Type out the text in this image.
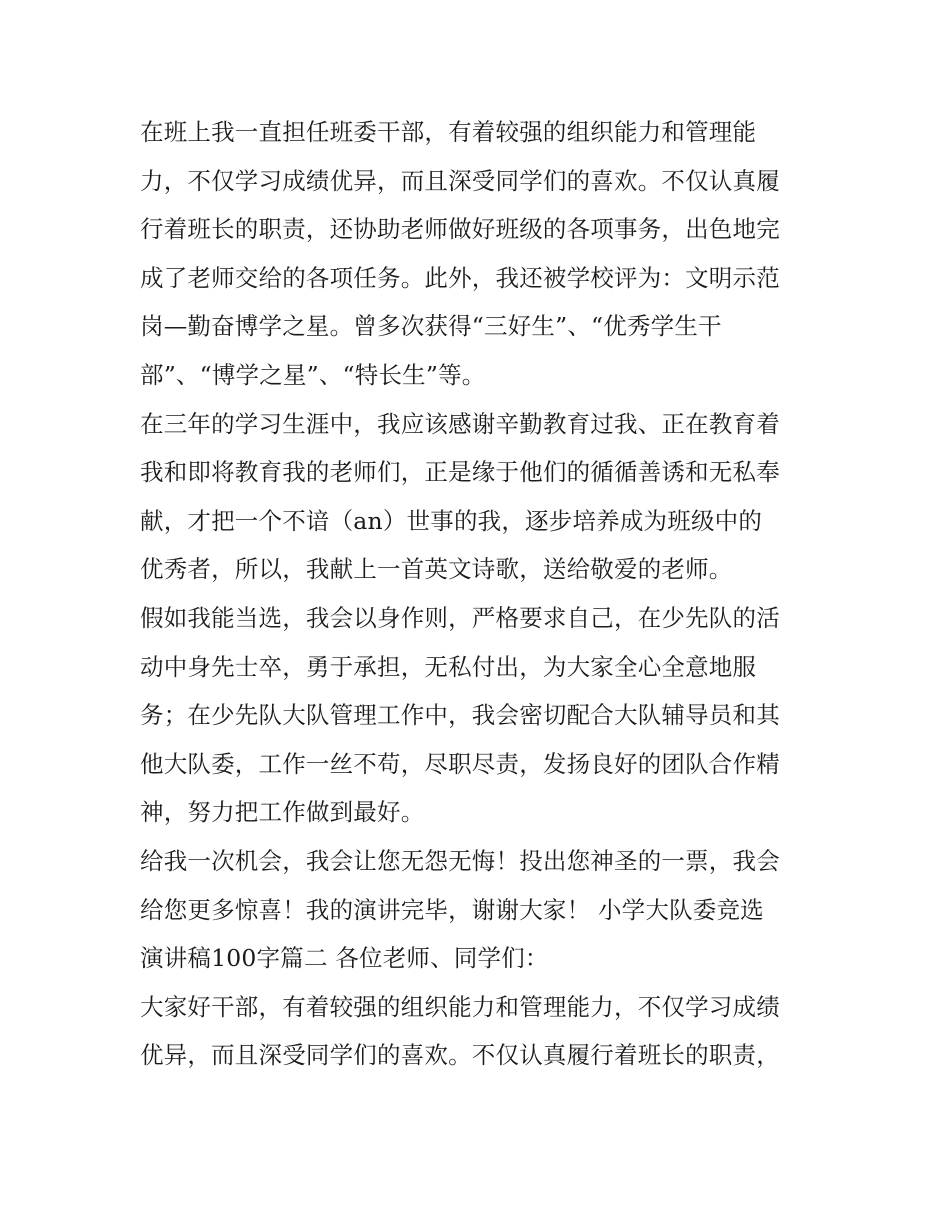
在班上我一直担任班委干部，有着较强的组织能力和管理能
力，不仅学习成绩优异，而且深受同学们的喜欢。不仅认真履
行着班长的职责，还协助老师做好班级的各项事务，出色地完
成了老师交给的各项任务。此外，我还被学校评为：文明示范
岗—勤奋博学之星。曾多次获得“三好生”、“优秀学生干
部”、“博学之星”、“特长生”等。
在三年的学习生涯中，我应该感谢辛勤教育过我、正在教育着
我和即将教育我的老师们，正是缘于他们的循循善诱和无私奉
献，才把一个不谙（an）世事的我，逐步培养成为班级中的
优秀者，所以，我献上一首英文诗歌，送给敬爱的老师。
假如我能当选，我会以身作则，严格要求自己，在少先队的活
动中身先士卒，勇于承担，无私付出，为大家全心全意地服
务；在少先队大队管理工作中，我会密切配合大队辅导员和其
他大队委，工作一丝不苟，尽职尽责，发扬良好的团队合作精
神，努力把工作做到最好。
给我一次机会，我会让您无怨无悔！投出您神圣的一票，我会
给您更多惊喜！我的演讲完毕，谢谢大家！ 小学大队委竞选
演讲稿100字篇二 各位老师、同学们：
大家好干部，有着较强的组织能力和管理能力，不仅学习成绩
优异，而且深受同学们的喜欢。不仅认真履行着班长的职责，
